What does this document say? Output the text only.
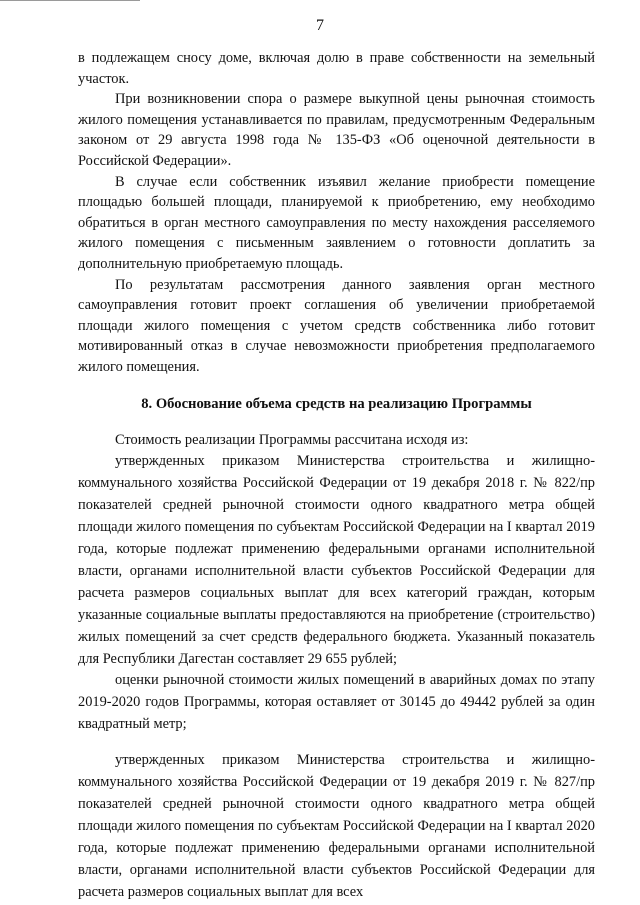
7

в подлежащем сносу доме, включая долю в праве собственности на земельный участок.

При возникновении спора о размере выкупной цены рыночная стоимость жилого помещения устанавливается по правилам, предусмотренным Федеральным законом от 29 августа 1998 года № 135-ФЗ «Об оценочной деятельности в Российской Федерации».

В случае если собственник изъявил желание приобрести помещение площадью большей площади, планируемой к приобретению, ему необходимо обратиться в орган местного самоуправления по месту нахождения расселяемого жилого помещения с письменным заявлением о готовности доплатить за дополнительную приобретаемую площадь.

По результатам рассмотрения данного заявления орган местного самоуправления готовит проект соглашения об увеличении приобретаемой площади жилого помещения с учетом средств собственника либо готовит мотивированный отказ в случае невозможности приобретения предполагаемого жилого помещения.

8. Обоснование объема средств на реализацию Программы

Стоимость реализации Программы рассчитана исходя из:

утвержденных приказом Министерства строительства и жилищно-коммунального хозяйства Российской Федерации от 19 декабря 2018 г. № 822/пр показателей средней рыночной стоимости одного квадратного метра общей площади жилого помещения по субъектам Российской Федерации на I квартал 2019 года, которые подлежат применению федеральными органами исполнительной власти, органами исполнительной власти субъектов Российской Федерации для расчета размеров социальных выплат для всех категорий граждан, которым указанные социальные выплаты предоставляются на приобретение (строительство) жилых помещений за счет средств федерального бюджета. Указанный показатель для Республики Дагестан составляет 29 655 рублей;

оценки рыночной стоимости жилых помещений в аварийных домах по этапу 2019-2020 годов Программы, которая оставляет от 30145 до 49442 рублей за один квадратный метр;

утвержденных приказом Министерства строительства и жилищно-коммунального хозяйства Российской Федерации от 19 декабря 2019 г. № 827/пр показателей средней рыночной стоимости одного квадратного метра общей площади жилого помещения по субъектам Российской Федерации на I квартал 2020 года, которые подлежат применению федеральными органами исполнительной власти, органами исполнительной власти субъектов Российской Федерации для расчета размеров социальных выплат для всех
